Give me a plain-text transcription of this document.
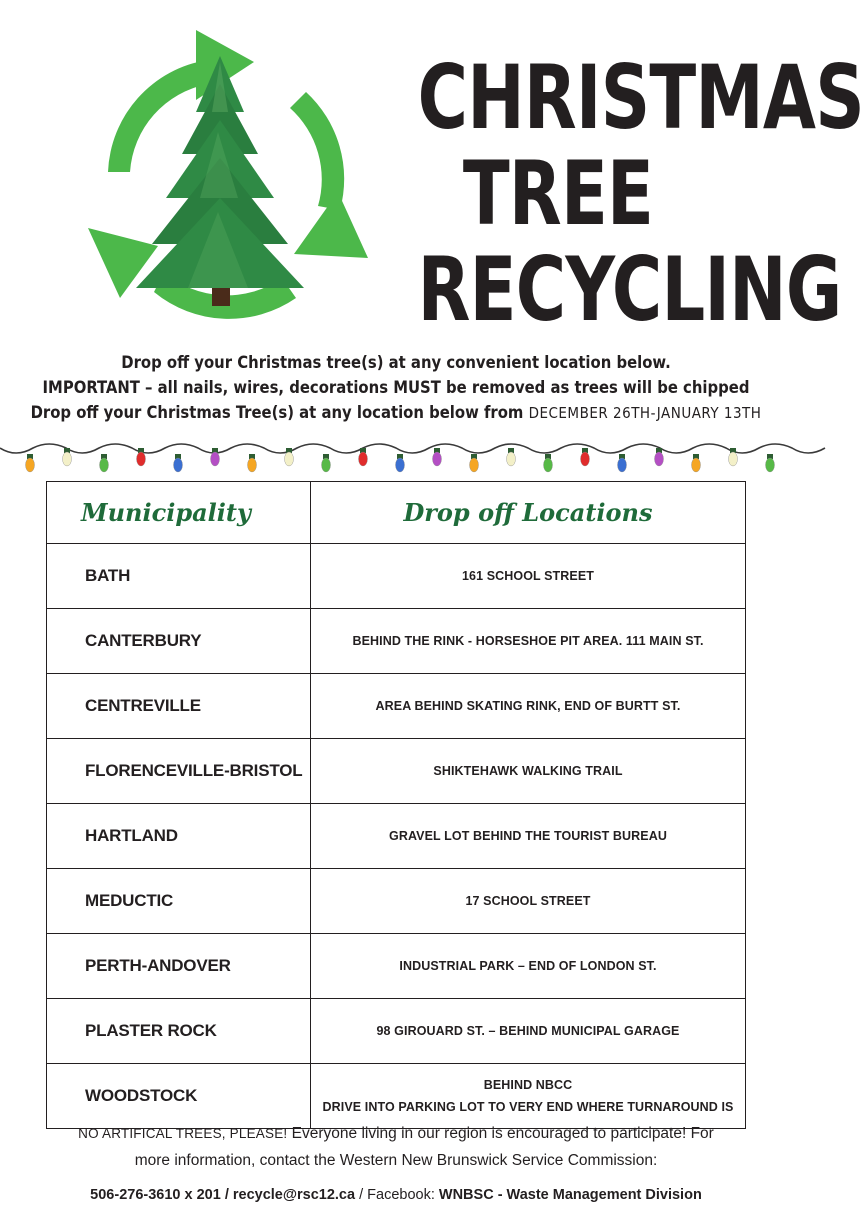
CHRISTMAS
TREE
RECYCLING

Drop off your Christmas tree(s) at any convenient location below.

IMPORTANT – all nails, wires, decorations MUST be removed as trees will be chipped

Drop off your Christmas Tree(s) at any location below from DECEMBER 26TH-JANUARY 13TH

Municipality	Drop off Locations
BATH	161 SCHOOL STREET

CANTERBURY	BEHIND THE RINK - HORSESHOE PIT AREA. 111 MAIN ST.

CENTREVILLE	AREA BEHIND SKATING RINK, END OF BURTT ST.

FLORENCEVILLE-BRISTOL	SHIKTEHAWK WALKING TRAIL

HARTLAND	GRAVEL LOT BEHIND THE TOURIST BUREAU

MEDUCTIC	17 SCHOOL STREET

PERTH-ANDOVER	INDUSTRIAL PARK – END OF LONDON ST.

PLASTER ROCK	98 GIROUARD ST. – BEHIND MUNICIPAL GARAGE

WOODSTOCK	BEHIND NBCC
DRIVE INTO PARKING LOT TO VERY END WHERE TURNAROUND IS

NO ARTIFICAL TREES, PLEASE! Everyone living in our region is encouraged to participate! For

more information, contact the Western New Brunswick Service Commission:

506-276-3610 x 201 / recycle@rsc12.ca / Facebook: WNBSC - Waste Management Division
